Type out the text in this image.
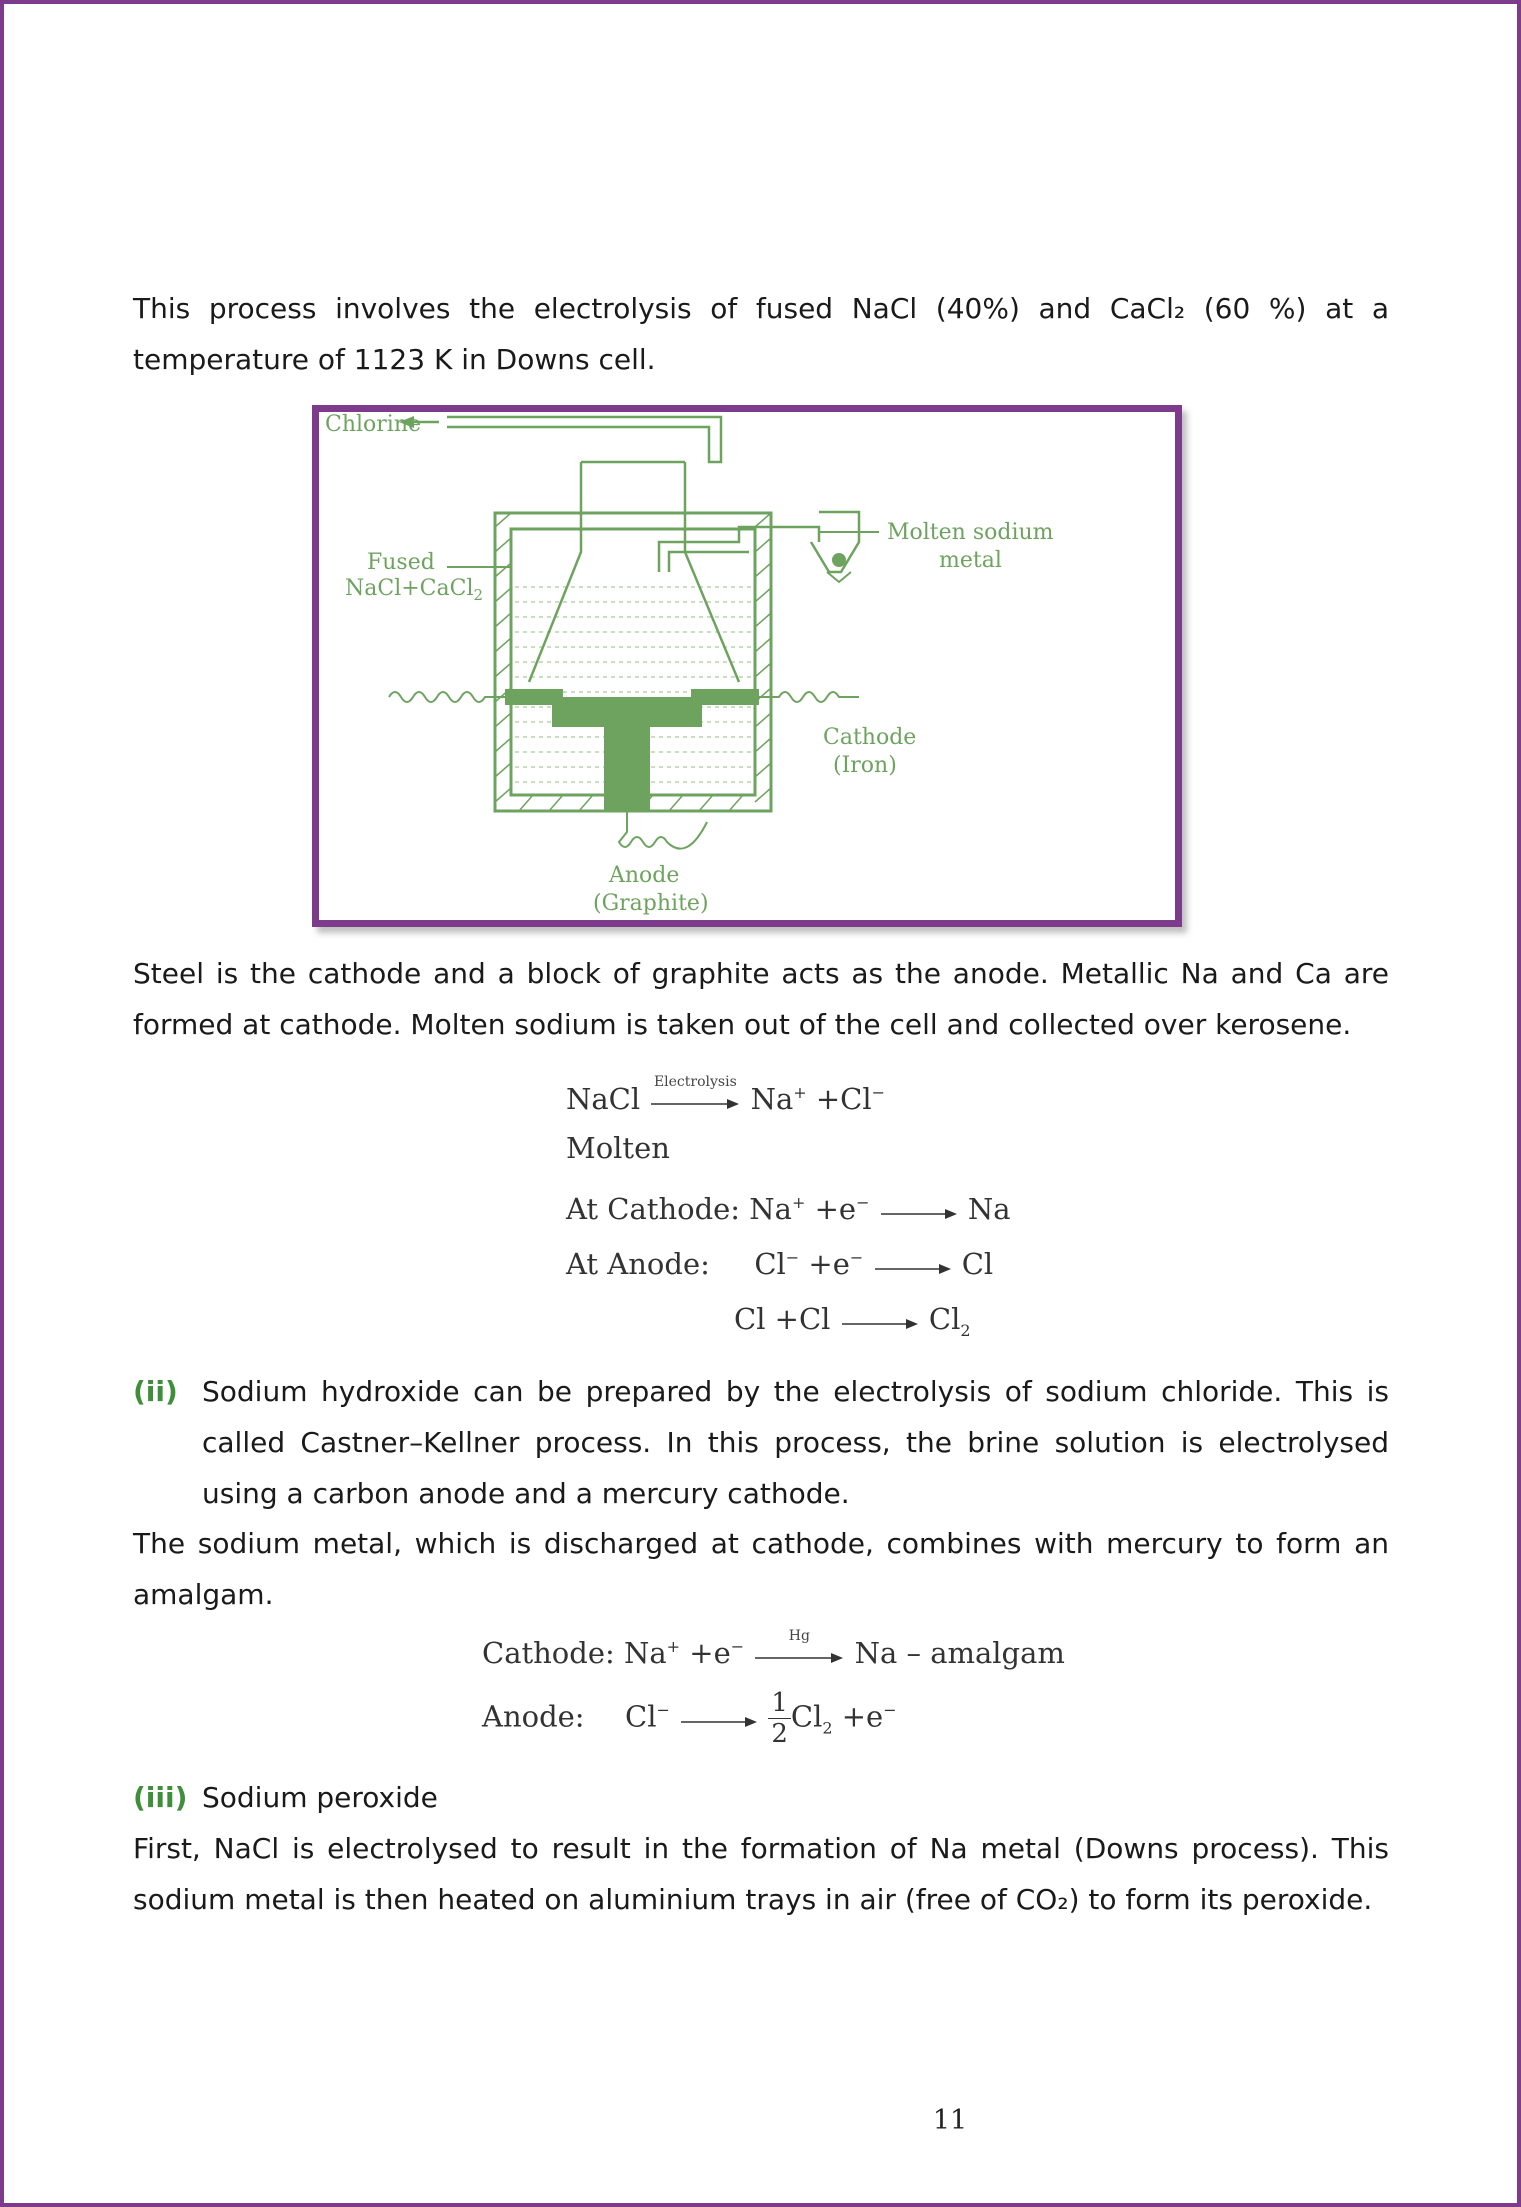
This process involves the electrolysis of fused NaCl (40%) and CaCl₂ (60 %) at a temperature of 1123 K in Downs cell.

Chlorine
Fused
NaCl+CaCl$_2$
Molten sodium
metal
Cathode
(Iron)
+
Anode
(Graphite)

Steel is the cathode and a block of graphite acts as the anode. Metallic Na and Ca are formed at cathode. Molten sodium is taken out of the cell and collected over kerosene.

NaCl Electrolysis Na+ +Cl−
Molten
At Cathode: Na+ +e−	Na
At Anode: Cl− +e−	Cl
Cl +Cl	$Cl_2$
(ii) Sodium hydroxide can be prepared by the electrolysis of sodium chloride. This is called Castner–Kellner process. In this process, the brine solution is electrolysed using a carbon anode and a mercury cathode.

The sodium metal, which is discharged at cathode, combines with mercury to form an amalgam.

Cathode: Na+ +e−
Hg	Na – amalgam
Anode: Cl−
	$\frac{1}{2} Cl_2 +e^-$
(iii) Sodium peroxide

First, NaCl is electrolysed to result in the formation of Na metal (Downs process). This sodium metal is then heated on aluminium trays in air (free of CO₂) to form its peroxide.

11
